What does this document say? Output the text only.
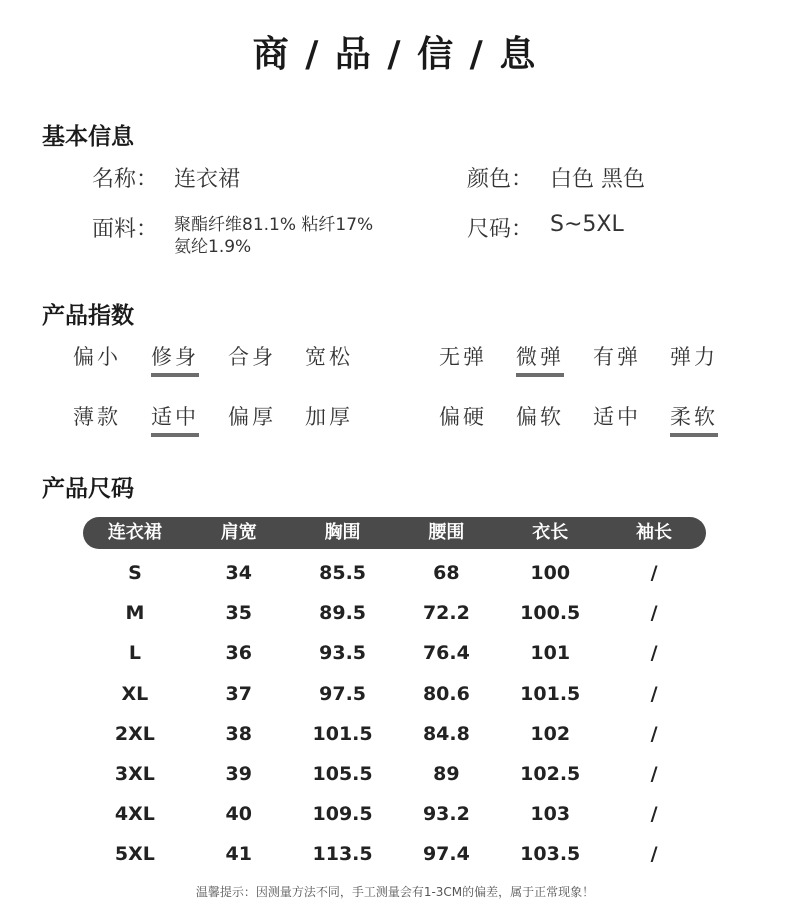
商 / 品 / 信 / 息
基本信息
名称： 连衣裙	颜色： 白色 黑色
面料： 聚酯纤维81.1% 粘纤17%
氨纶1.9%
尺码： S~5XL
产品指数
偏小 修身 合身 宽松	无弹 微弹 有弹 弹力
薄款 适中 偏厚 加厚	偏硬 偏软 适中 柔软
产品尺码
连衣裙	肩宽	胸围	腰围	衣长	袖长
S	34	85.5	68	100	/
M	35	89.5	72.2	100.5	/
L	36	93.5	76.4	101	/
XL	37	97.5	80.6	101.5	/
2XL	38	101.5	84.8	102	/
3XL	39	105.5	89	102.5	/
4XL	40	109.5	93.2	103	/
5XL	41	113.5	97.4	103.5	/
温馨提示：因测量方法不同，手工测量会有1-3CM的偏差，属于正常现象！
